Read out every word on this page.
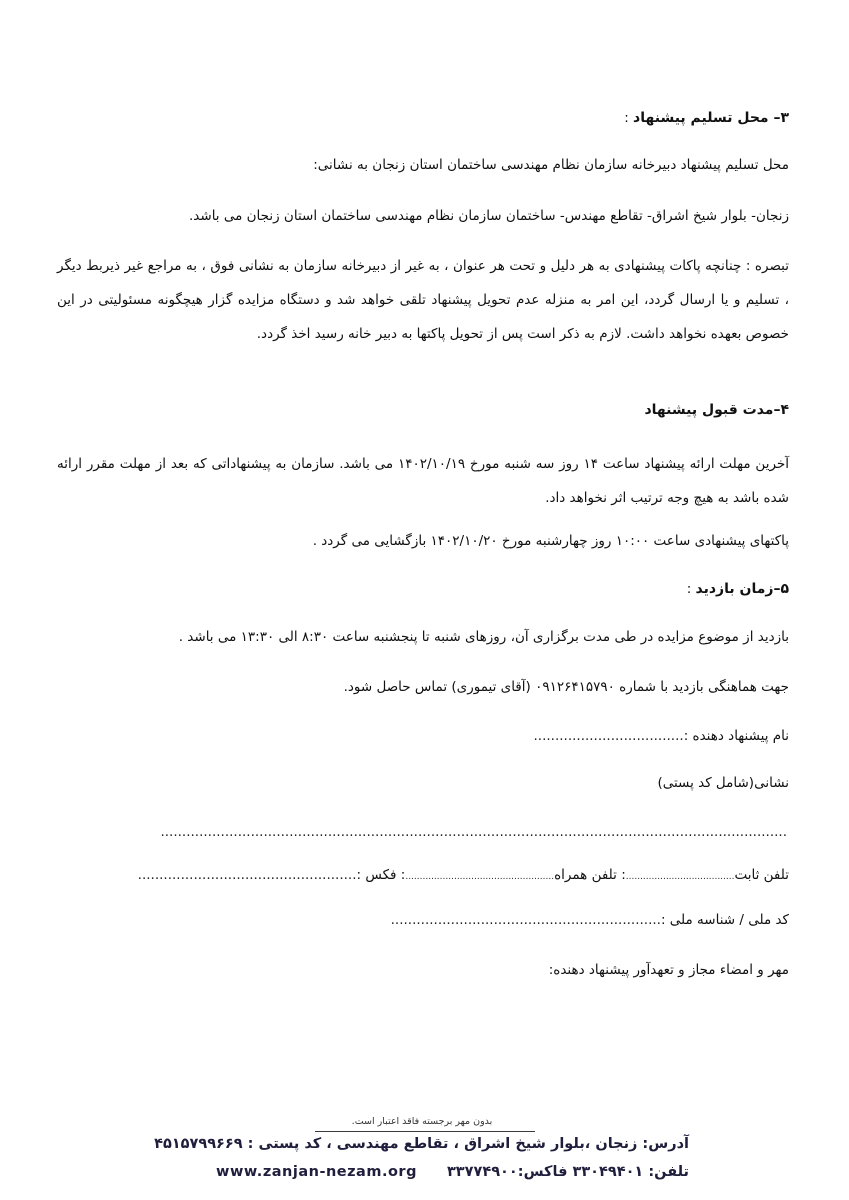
۳– محل تسلیم پیشنهاد :
محل تسلیم پیشنهاد دبیرخانه سازمان نظام مهندسی ساختمان استان زنجان به نشانی:
زنجان- بلوار شیخ اشراق- تقاطع مهندس- ساختمان سازمان نظام مهندسی ساختمان استان زنجان می باشد.
تبصره : چنانچه پاکات پیشنهادی به هر دلیل و تحت هر عنوان ، به غیر از دبیرخانه سازمان به نشانی فوق ، به مراجع غیر ذیربط دیگر ، تسلیم و یا ارسال گردد، این امر به منزله عدم تحویل پیشنهاد تلقی خواهد شد و دستگاه مزایده گزار هیچگونه مسئولیتی در این خصوص بعهده نخواهد داشت. لازم به ذکر است پس از تحویل پاکتها به دبیر خانه رسید اخذ گردد.
۴–مدت قبول پیشنهاد
آخرین مهلت ارائه پیشنهاد ساعت ۱۴ روز سه شنبه مورخ ۱۴۰۲/۱۰/۱۹ می باشد. سازمان به پیشنهاداتی که بعد از مهلت مقرر ارائه شده باشد به هیچ وجه ترتیب اثر نخواهد داد.
پاکتهای پیشنهادی ساعت ۱۰:۰۰ روز چهارشنبه مورخ ۱۴۰۲/۱۰/۲۰ بازگشایی می گردد .
۵–زمان بازدید :
بازدید از موضوع مزایده در طی مدت برگزاری آن، روزهای شنبه تا پنجشنبه ساعت ۸:۳۰ الی ۱۳:۳۰ می باشد .
جهت هماهنگی بازدید با شماره ۰۹۱۲۶۴۱۵۷۹۰ (آقای تیموری) تماس حاصل شود.
نام پیشنهاد دهنده :...................................
نشانی(شامل کد پستی)
..................................................................................................................................................
تلفن ثابت......................................: تلفن همراه....................................................: فکس :...................................................
کد ملی / شناسه ملی :...............................................................
مهر و امضاء مجاز و تعهدآور پیشنهاد دهنده:
بدون مهر برجسته فاقد اعتبار است.
آدرس: زنجان ،بلوار شیخ اشراق ، تقاطع مهندسی ، کد پستی : ۴۵۱۵۷۹۹۶۶۹
تلفن: ۳۳۰۴۹۴۰۱ فاکس:۳۳۷۷۴۹۰۰www.zanjan-nezam.org
